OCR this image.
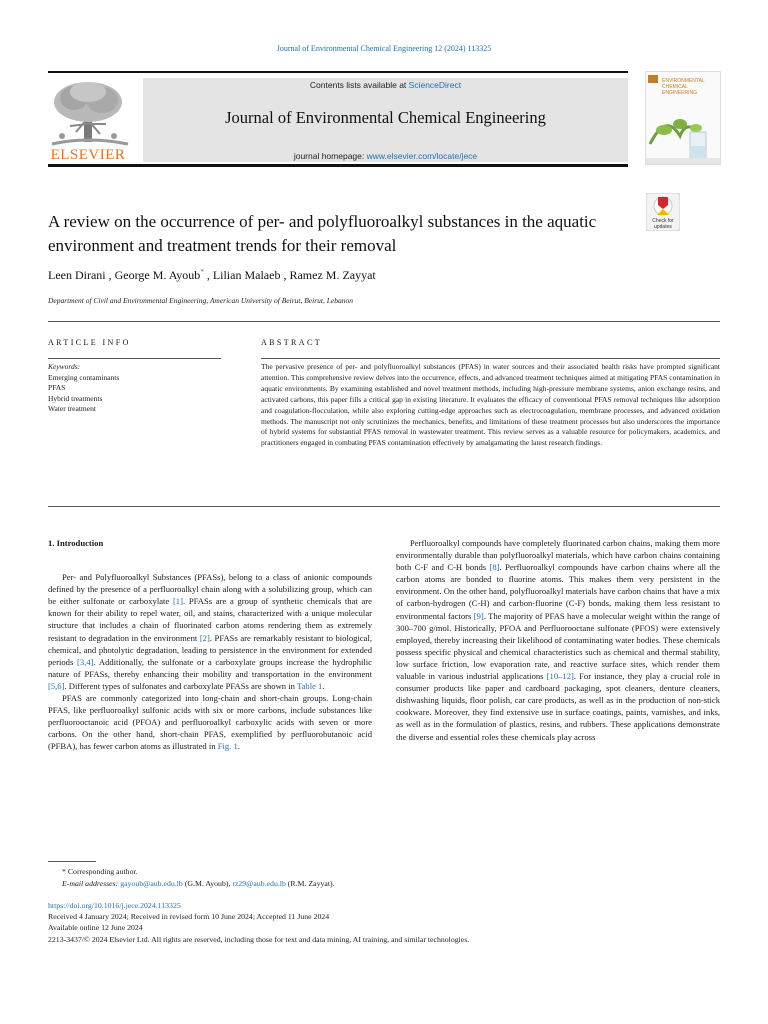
Journal of Environmental Chemical Engineering 12 (2024) 113325
ELSEVIER
Contents lists available at ScienceDirect
Journal of Environmental Chemical Engineering
journal homepage: www.elsevier.com/locate/jece
ENVIRONMENTAL CHEMICAL ENGINEERING
Check for
updates
A review on the occurrence of per- and polyfluoroalkyl substances in the aquatic environment and treatment trends for their removal
Leen Dirani , George M. Ayoub* , Lilian Malaeb , Ramez M. Zayyat
Department of Civil and Environmental Engineering, American University of Beirut, Beirut, Lebanon
ARTICLE INFO	ABSTRACT
Keywords:
Emerging contaminants
PFAS
Hybrid treatments
Water treatment
The pervasive presence of per- and polyfluoroalkyl substances (PFAS) in water sources and their associated health risks have prompted significant attention. This comprehensive review delves into the occurrence, effects, and advanced treatment techniques aimed at mitigating PFAS contamination in aquatic environments. By examining established and novel treatment methods, including high-pressure membrane systems, anion exchange resins, and activated carbons, this paper fills a critical gap in existing literature. It evaluates the efficacy of conventional PFAS removal techniques like adsorption and coagulation-flocculation, while also exploring cutting-edge approaches such as electrocoagulation, membrane processes, and advanced oxidation methods. The manuscript not only scrutinizes the mechanics, benefits, and limitations of these treatment processes but also underscores the importance of hybrid systems for substantial PFAS removal in wastewater treatment. This review serves as a valuable resource for policymakers, academics, and practitioners engaged in combating PFAS contamination effectively by amalgamating the latest research findings.

1. Introduction

Per- and Polyfluoroalkyl Substances (PFASs), belong to a class of anionic compounds defined by the presence of a perfluoroalkyl chain along with a solubilizing group, which can be either sulfonate or carboxylate [1]. PFASs are a group of synthetic chemicals that are known for their ability to repel water, oil, and stains, characterized with a unique molecular structure that includes a chain of fluorinated carbon atoms rendering them as extremely resistant to degradation in the environment [2]. PFASs are remarkably resistant to biological, chemical, and photolytic degradation, leading to persistence in the environment for extended periods [3,4]. Additionally, the sulfonate or a carboxylate groups increase the hydrophilic nature of PFASs, thereby enhancing their mobility and transportation in the environment [5,6]. Different types of sulfonates and carboxylate PFASs are shown in Table 1.

PFAS are commonly categorized into long-chain and short-chain groups. Long-chain PFAS, like perfluoroalkyl sulfonic acids with six or more carbons, include substances like perfluorooctanoic acid (PFOA) and perfluoroalkyl carboxylic acids with seven or more carbons. On the other hand, short-chain PFAS, exemplified by perfluorobutanoic acid (PFBA), has fewer carbon atoms as illustrated in Fig. 1.

Perfluoroalkyl compounds have completely fluorinated carbon chains, making them more environmentally durable than polyfluoroalkyl materials, which have carbon chains containing both C-F and C-H bonds [8]. Perfluoroalkyl compounds have carbon chains where all the carbon atoms are bonded to fluorine atoms. This makes them very persistent in the environment. On the other hand, polyfluoroalkyl materials have carbon chains that have a mix of carbon-hydrogen (C-H) and carbon-fluorine (C-F) bonds, making them less resistant to environmental factors [9]. The majority of PFAS have a molecular weight within the range of 300–700 g/mol. Historically, PFOA and Perfluorooctane sulfonate (PFOS) were extensively employed, thereby increasing their likelihood of contaminating water bodies. These chemicals possess specific physical and chemical characteristics such as chemical and thermal stability, low surface friction, low evaporation rate, and reactive surface sites, which render them valuable in various industrial applications [10–12]. For instance, they play a crucial role in consumer products like paper and cardboard packaging, spot cleaners, denture cleaners, dishwashing liquids, floor polish, car care products, as well as in the production of non-stick cookware. Moreover, they find extensive use in surface coatings, paints, varnishes, and inks, as well as in the formulation of plastics, resins, and rubbers. These applications demonstrate the diverse and essential roles these chemicals play across

* Corresponding author.
E-mail addresses: gayoub@aub.edu.lb (G.M. Ayoub), rz29@aub.edu.lb (R.M. Zayyat).
https://doi.org/10.1016/j.jece.2024.113325
Received 4 January 2024; Received in revised form 10 June 2024; Accepted 11 June 2024
Available online 12 June 2024
2213-3437/© 2024 Elsevier Ltd. All rights are reserved, including those for text and data mining, AI training, and similar technologies.
